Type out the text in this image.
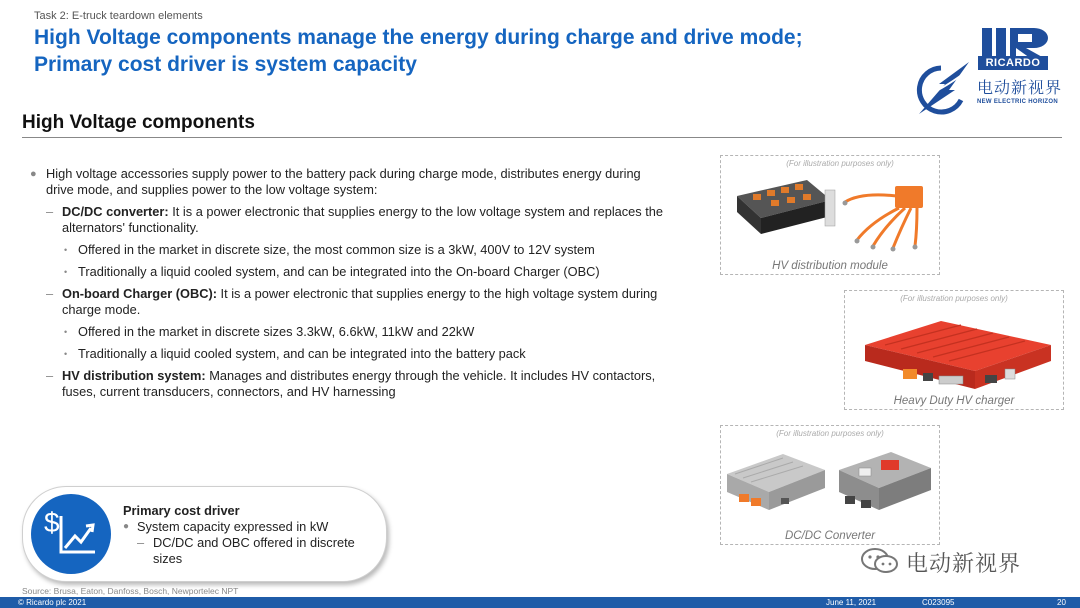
Task 2: E-truck teardown elements
High Voltage components manage the energy during charge and drive mode;
Primary cost driver is system capacity	RICARDO
电动新视界
NEW ELECTRIC HORIZON
High Voltage components
● High voltage accessories supply power to the battery pack during charge mode, distributes energy during drive mode, and supplies power to the low voltage system:
– DC/DC converter: It is a power electronic that supplies energy to the low voltage system and replaces the alternators' functionality.
• Offered in the market in discrete size, the most common size is a 3kW, 400V to 12V system
• Traditionally a liquid cooled system, and can be integrated into the On-board Charger (OBC)
– On-board Charger (OBC): It is a power electronic that supplies energy to the high voltage system during charge mode.
• Offered in the market in discrete sizes 3.3kW, 6.6kW, 11kW and 22kW
• Traditionally a liquid cooled system, and can be integrated into the battery pack
– HV distribution system: Manages and distributes energy through the vehicle. It includes HV contactors, fuses, current transducers, connectors, and HV harnessing
$	Primary cost driver
● System capacity expressed in kW
– DC/DC and OBC offered in discrete sizes
(For illustration purposes only)
HV distribution module
(For illustration purposes only)
Heavy Duty HV charger
(For illustration purposes only)
DC/DC Converter
电动新视界
Source: Brusa, Eaton, Danfoss, Bosch, Newportelec NPT
© Ricardo plc 2021	June 11, 2021	C023095	20
